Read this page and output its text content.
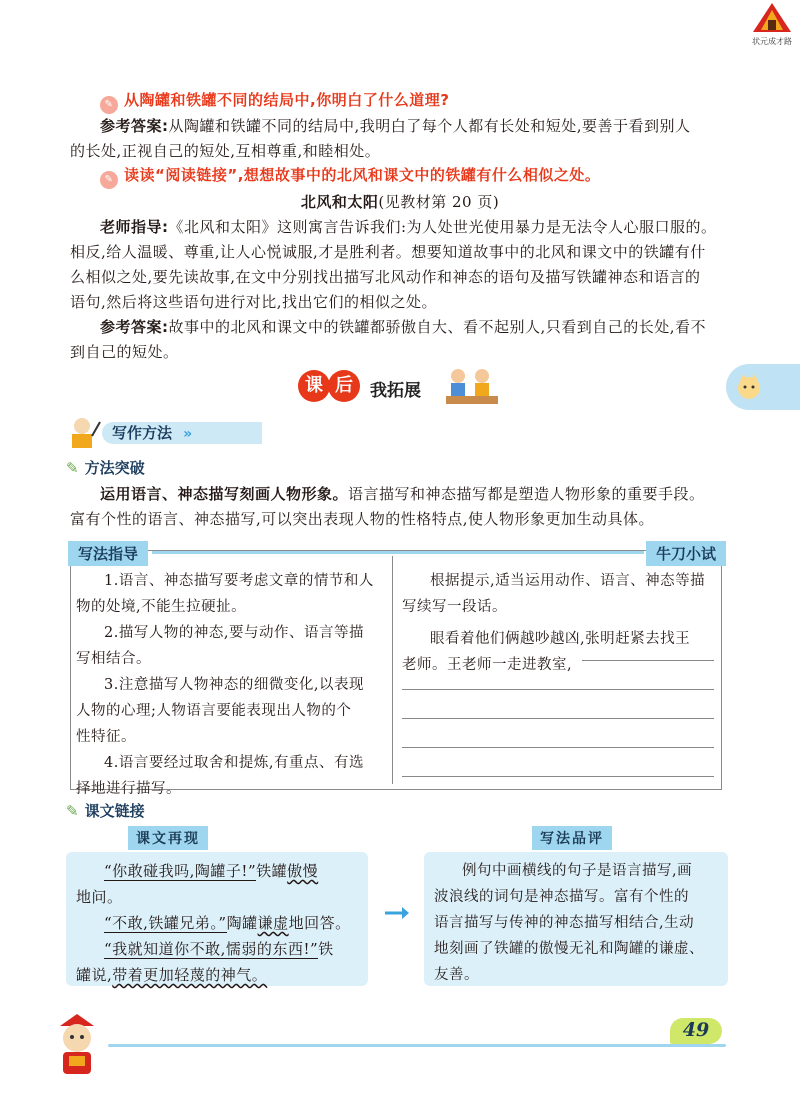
状元成才路
✎ 从陶罐和铁罐不同的结局中,你明白了什么道理?
参考答案:从陶罐和铁罐不同的结局中,我明白了每个人都有长处和短处,要善于看到别人
的长处,正视自己的短处,互相尊重,和睦相处。
✎ 读读“阅读链接”,想想故事中的北风和课文中的铁罐有什么相似之处。
北风和太阳(见教材第 20 页)
老师指导:《北风和太阳》这则寓言告诉我们:为人处世光使用暴力是无法令人心服口服的。
相反,给人温暖、尊重,让人心悦诚服,才是胜利者。想要知道故事中的北风和课文中的铁罐有什
么相似之处,要先读故事,在文中分别找出描写北风动作和神态的语句及描写铁罐神态和语言的
语句,然后将这些语句进行对比,找出它们的相似之处。
参考答案:故事中的北风和课文中的铁罐都骄傲自大、看不起别人,只看到自己的长处,看不
到自己的短处。
课 后	我拓展
写作方法 »
✎ 方法突破
运用语言、神态描写刻画人物形象。语言描写和神态描写都是塑造人物形象的重要手段。
富有个性的语言、神态描写,可以突出表现人物的性格特点,使人物形象更加生动具体。
写法指导	牛刀小试
1.语言、神态描写要考虑文章的情节和人
物的处境,不能生拉硬扯。
2.描写人物的神态,要与动作、语言等描
写相结合。
3.注意描写人物神态的细微变化,以表现
人物的心理;人物语言要能表现出人物的个
性特征。
4.语言要经过取舍和提炼,有重点、有选
择地进行描写。
根据提示,适当运用动作、语言、神态等描
写续写一段话。
眼看着他们俩越吵越凶,张明赶紧去找王
老师。王老师一走进教室,
✎ 课文链接
课文再现	写法品评
“你敢碰我吗,陶罐子!”铁罐傲慢
地问。
“不敢,铁罐兄弟。”陶罐谦虚地回答。
“我就知道你不敢,懦弱的东西!”铁
罐说,带着更加轻蔑的神气。
例句中画横线的句子是语言描写,画
波浪线的词句是神态描写。富有个性的
语言描写与传神的神态描写相结合,生动
地刻画了铁罐的傲慢无礼和陶罐的谦虚、
友善。
49
